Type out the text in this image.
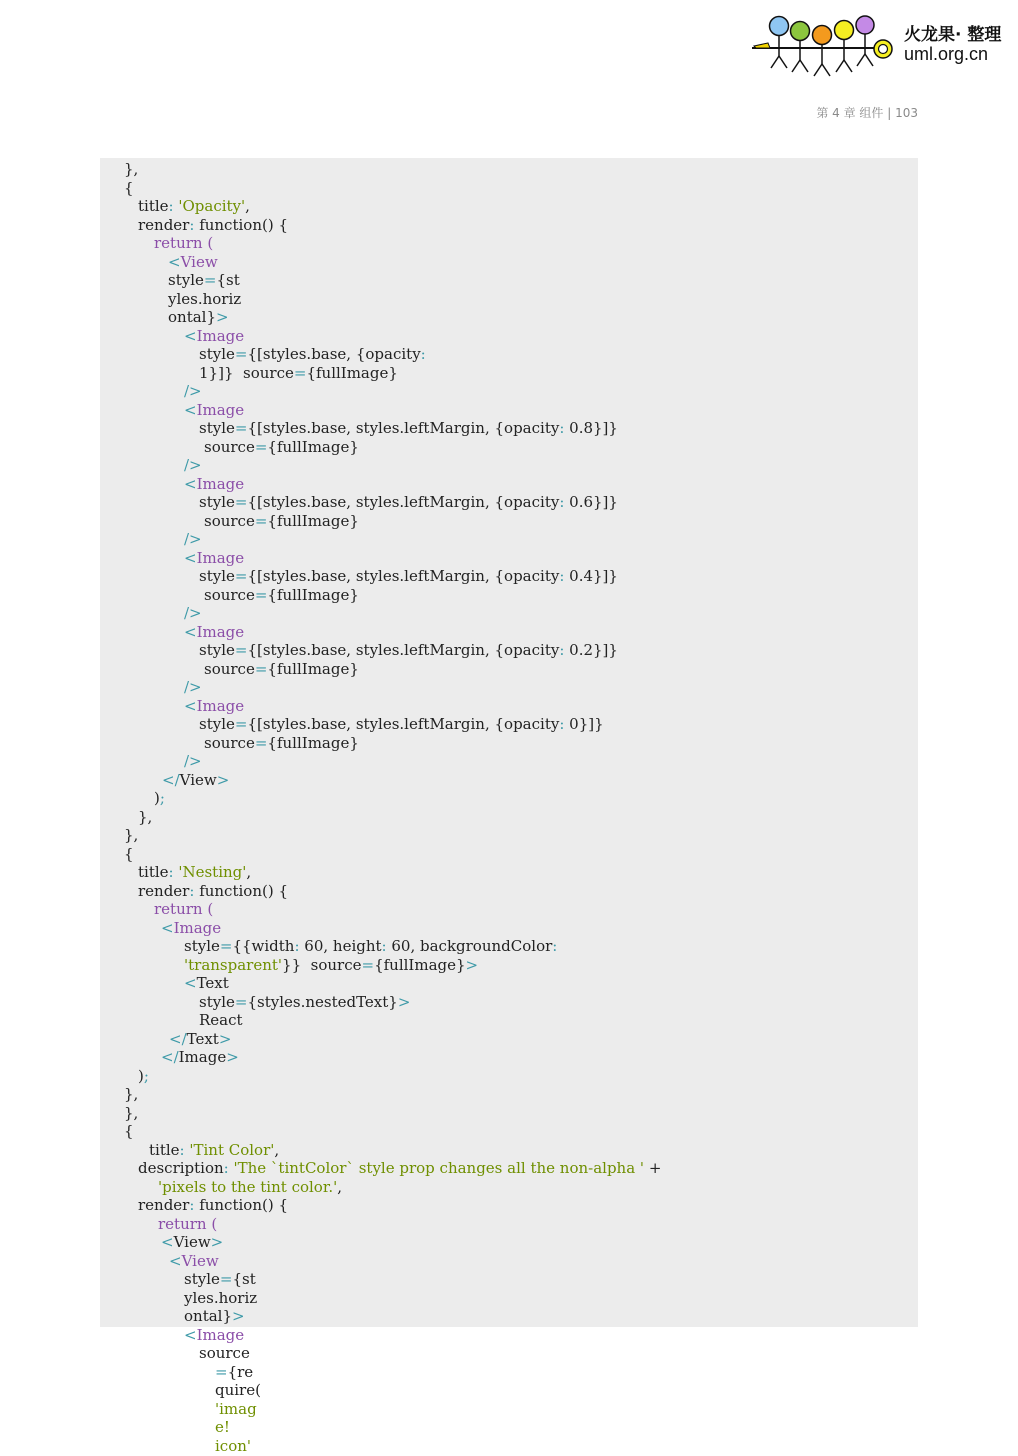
火龙果· 整理
uml.org.cn
第 4 章 组件 | 103
},
{
title: 'Opacity',
render: function() {
return (
<View
style={st
yles.horiz
ontal}>
<Image
style={[styles.base, {opacity:
1}]}  source={fullImage}
/>
<Image
style={[styles.base, styles.leftMargin, {opacity: 0.8}]}
source={fullImage}
/>
<Image
style={[styles.base, styles.leftMargin, {opacity: 0.6}]}
source={fullImage}
/>
<Image
style={[styles.base, styles.leftMargin, {opacity: 0.4}]}
source={fullImage}
/>
<Image
style={[styles.base, styles.leftMargin, {opacity: 0.2}]}
source={fullImage}
/>
<Image
style={[styles.base, styles.leftMargin, {opacity: 0}]}
source={fullImage}
/>
</View>
);
},
},
{
title: 'Nesting',
render: function() {
return (
<Image
style={{width: 60, height: 60, backgroundColor:
'transparent'}}  source={fullImage}>
<Text
style={styles.nestedText}>
React
</Text>
</Image>
);
},
},
{
title: 'Tint Color',
description: 'The `tintColor` style prop changes all the non-alpha ' +
'pixels to the tint color.',
render: function() {
return (
<View>
<View
style={st
yles.horiz
ontal}>
<Image
source
={re
quire(
'imag
e!
icon'
